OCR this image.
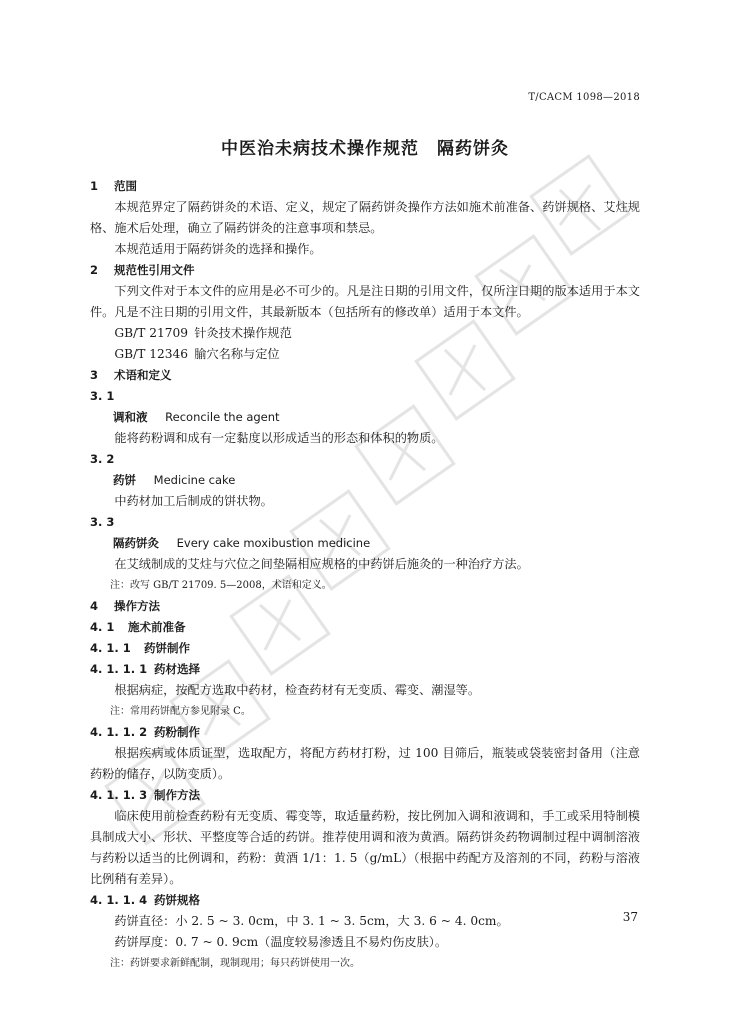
T/CACM 1098—2018
中医治未病技术操作规范　隔药饼灸
1 范围
本规范界定了隔药饼灸的术语、定义，规定了隔药饼灸操作方法如施术前准备、药饼规格、艾炷规格、施术后处理，确立了隔药饼灸的注意事项和禁忌。
本规范适用于隔药饼灸的选择和操作。
2 规范性引用文件
下列文件对于本文件的应用是必不可少的。凡是注日期的引用文件，仅所注日期的版本适用于本文件。凡是不注日期的引用文件，其最新版本（包括所有的修改单）适用于本文件。
GB/T 21709 针灸技术操作规范
GB/T 12346 腧穴名称与定位
3 术语和定义
3. 1
调和液 Reconcile the agent
能将药粉调和成有一定黏度以形成适当的形态和体积的物质。
3. 2
药饼 Medicine cake
中药材加工后制成的饼状物。
3. 3
隔药饼灸 Every cake moxibustion medicine
在艾绒制成的艾炷与穴位之间垫隔相应规格的中药饼后施灸的一种治疗方法。
注：改写 GB/T 21709. 5—2008，术语和定义。
4 操作方法
4. 1 施术前准备
4. 1. 1 药饼制作
4. 1. 1. 1 药材选择
根据病症，按配方选取中药材，检查药材有无变质、霉变、潮湿等。
注：常用药饼配方参见附录 C。
4. 1. 1. 2 药粉制作
根据疾病或体质证型，选取配方，将配方药材打粉，过 100 目筛后，瓶装或袋装密封备用（注意药粉的储存，以防变质）。
4. 1. 1. 3 制作方法
临床使用前检查药粉有无变质、霉变等，取适量药粉，按比例加入调和液调和，手工或采用特制模具制成大小、形状、平整度等合适的药饼。推荐使用调和液为黄酒。隔药饼灸药物调制过程中调制溶液与药粉以适当的比例调和，药粉：黄酒 1/1：1. 5（g/mL）（根据中药配方及溶剂的不同，药粉与溶液比例稍有差异）。
4. 1. 1. 4 药饼规格
药饼直径：小 2. 5 ~ 3. 0cm，中 3. 1 ~ 3. 5cm，大 3. 6 ~ 4. 0cm。
药饼厚度：0. 7 ~ 0. 9cm（温度较易渗透且不易灼伤皮肤）。
注：药饼要求新鲜配制，现制现用；每只药饼使用一次。
37
